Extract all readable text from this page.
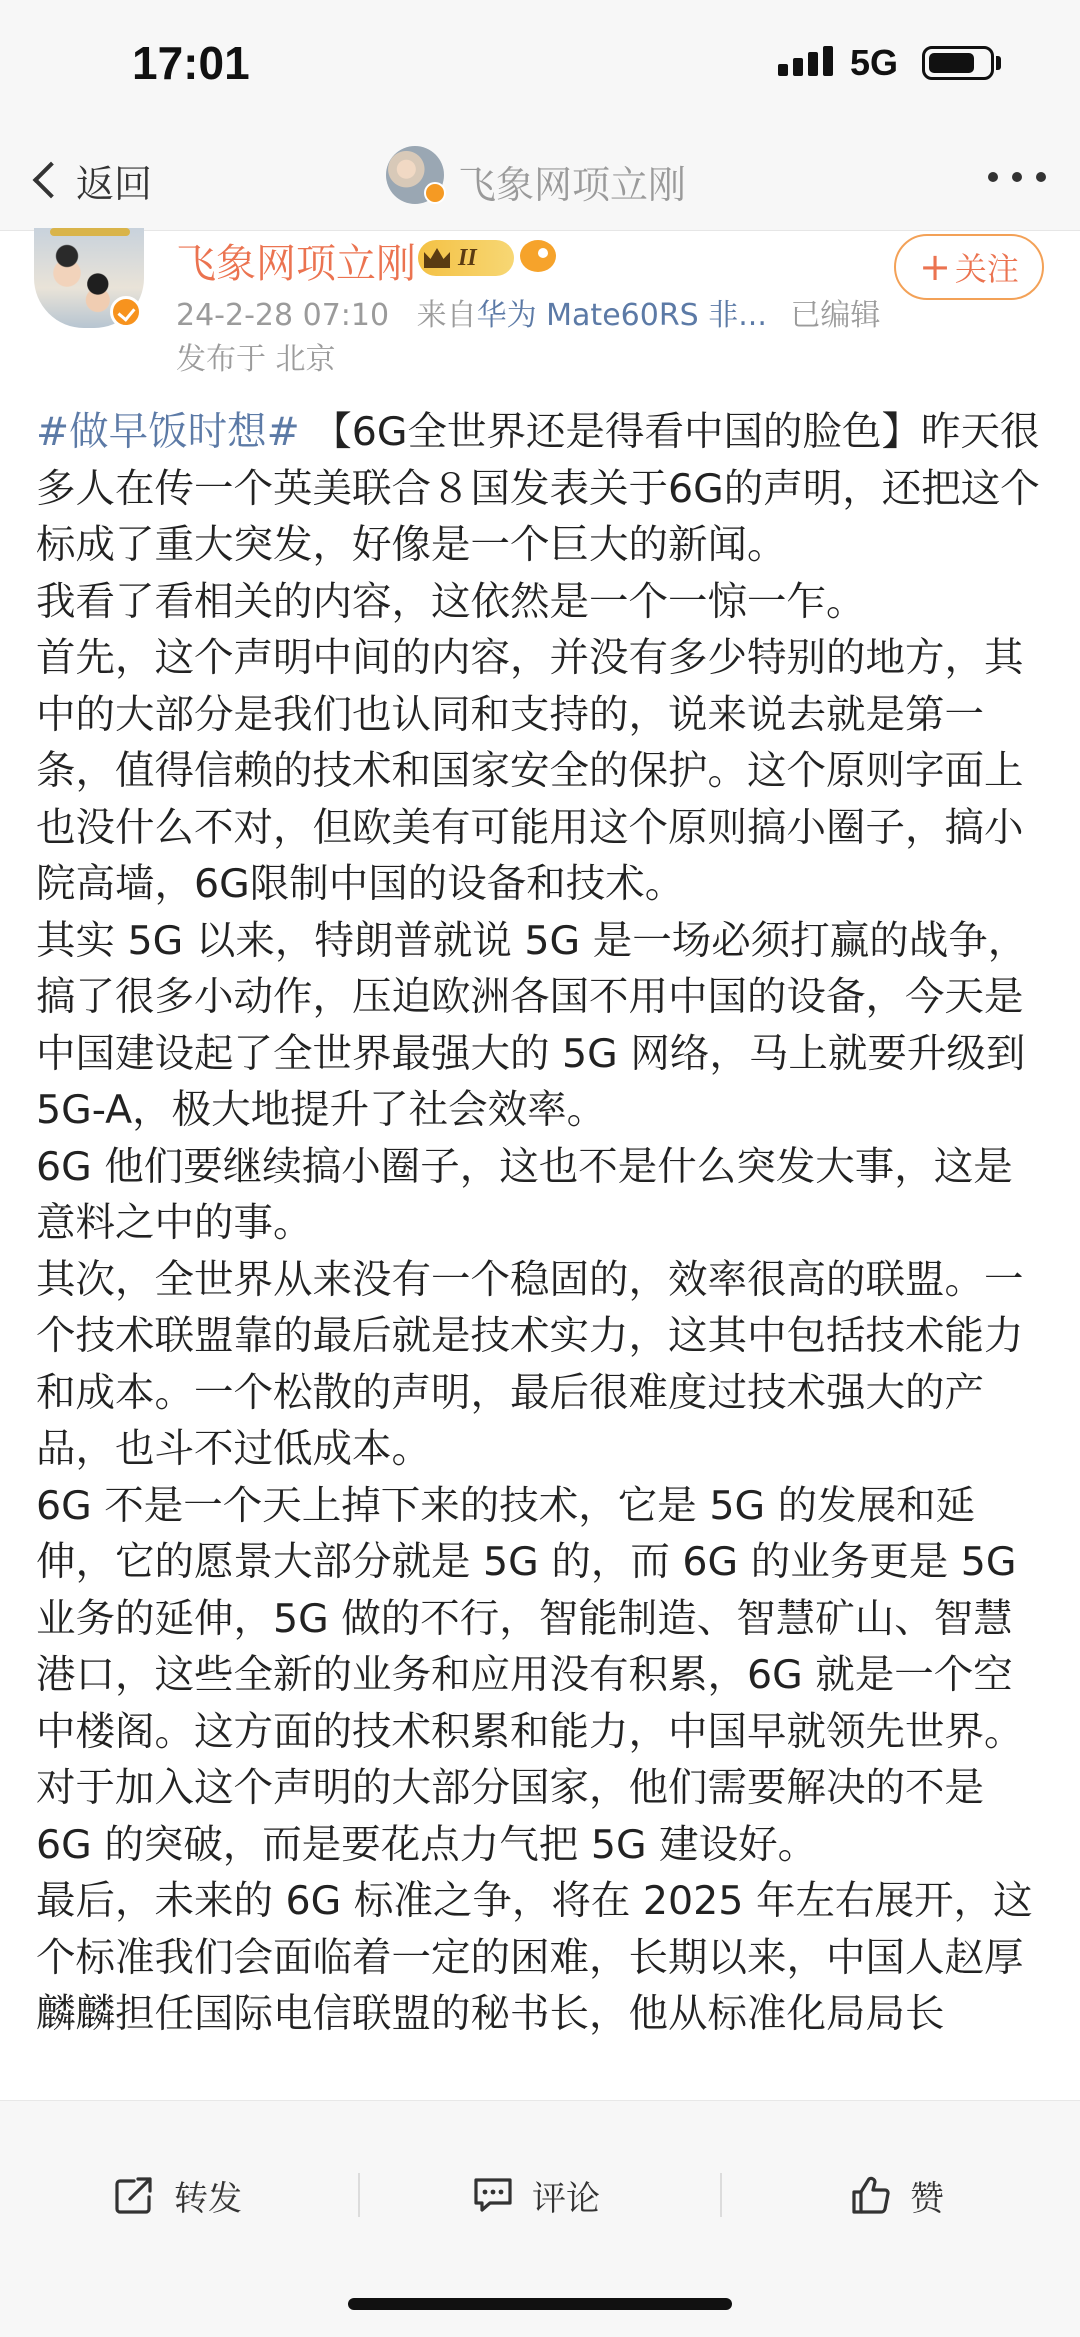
17:01	5G
返回	飞象网项立刚
飞象网项立刚 II
24-2-28 07:10 来自华为 Mate60RS 非... 已编辑
发布于 北京
+ 关注

#做早饭时想# 【6G全世界还是得看中国的脸色】昨天很多人在传一个英美联合８国发表关于6G的声明，还把这个标成了重大突发，好像是一个巨大的新闻。

我看了看相关的内容，这依然是一个一惊一乍。

首先，这个声明中间的内容，并没有多少特别的地方，其中的大部分是我们也认同和支持的，说来说去就是第一条，值得信赖的技术和国家安全的保护。这个原则字面上也没什么不对，但欧美有可能用这个原则搞小圈子，搞小院高墙，6G限制中国的设备和技术。

其实 5G 以来，特朗普就说 5G 是一场必须打赢的战争，搞了很多小动作，压迫欧洲各国不用中国的设备，今天是中国建设起了全世界最强大的 5G 网络，马上就要升级到 5G-A，极大地提升了社会效率。

6G 他们要继续搞小圈子，这也不是什么突发大事，这是意料之中的事。

其次，全世界从来没有一个稳固的，效率很高的联盟。一个技术联盟靠的最后就是技术实力，这其中包括技术能力和成本。一个松散的声明，最后很难度过技术强大的产品，也斗不过低成本。

6G 不是一个天上掉下来的技术，它是 5G 的发展和延伸，它的愿景大部分就是 5G 的，而 6G 的业务更是 5G 业务的延伸，5G 做的不行，智能制造、智慧矿山、智慧港口，这些全新的业务和应用没有积累，6G 就是一个空中楼阁。这方面的技术积累和能力，中国早就领先世界。

对于加入这个声明的大部分国家，他们需要解决的不是 6G 的突破，而是要花点力气把 5G 建设好。

最后，未来的 6G 标准之争，将在 2025 年左右展开，这个标准我们会面临着一定的困难，长期以来，中国人赵厚麟麟担任国际电信联盟的秘书长，他从标准化局局长

转发	评论	赞
